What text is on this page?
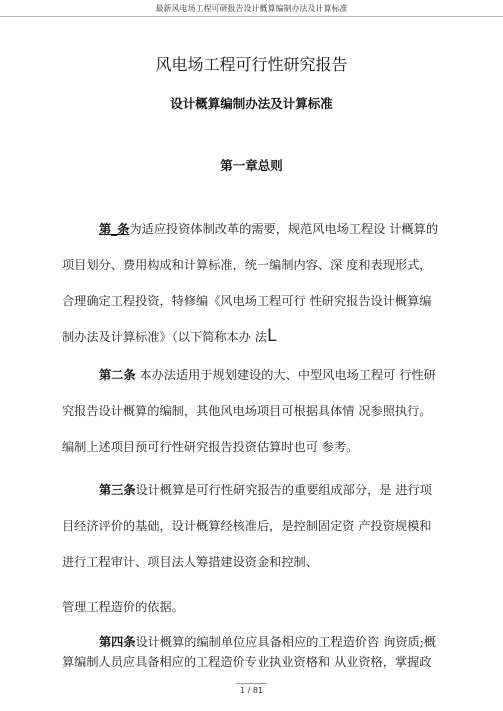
最新风电场工程可研报告设计概算编制办法及计算标准
风电场工程可行性研究报告
设计概算编制办法及计算标准
第一章总则
第_条为适应投资体制改革的需要，规范风电场工程设 计概算的
项目划分、费用构成和计算标准，统一编制内容、深 度和表现形式，
合理确定工程投资，特修编《风电场工程可行 性研究报告设计概算编
制办法及计算标准》（以下简称本办 法L
第二条 本办法适用于规划建设的大、中型风电场工程可 行性研
究报告设计概算的编制，其他风电场项目可根据具体情 况参照执行。
编制上述项目预可行性研究报告投资估算时也可 参考。
第三条设计概算是可行性研究报告的重要组成部分，是 进行项
目经济评价的基础，设计概算经核准后，是控制固定资 产投资规模和
进行工程审计、项目法人筹措建设资金和控制、
管理工程造价的依据。
第四条设计概算的编制单位应具备相应的工程造价咨 询资质;概
算编制人员应具备相应的工程造价专业执业资格和 从业资格，掌握政
1 / 81
